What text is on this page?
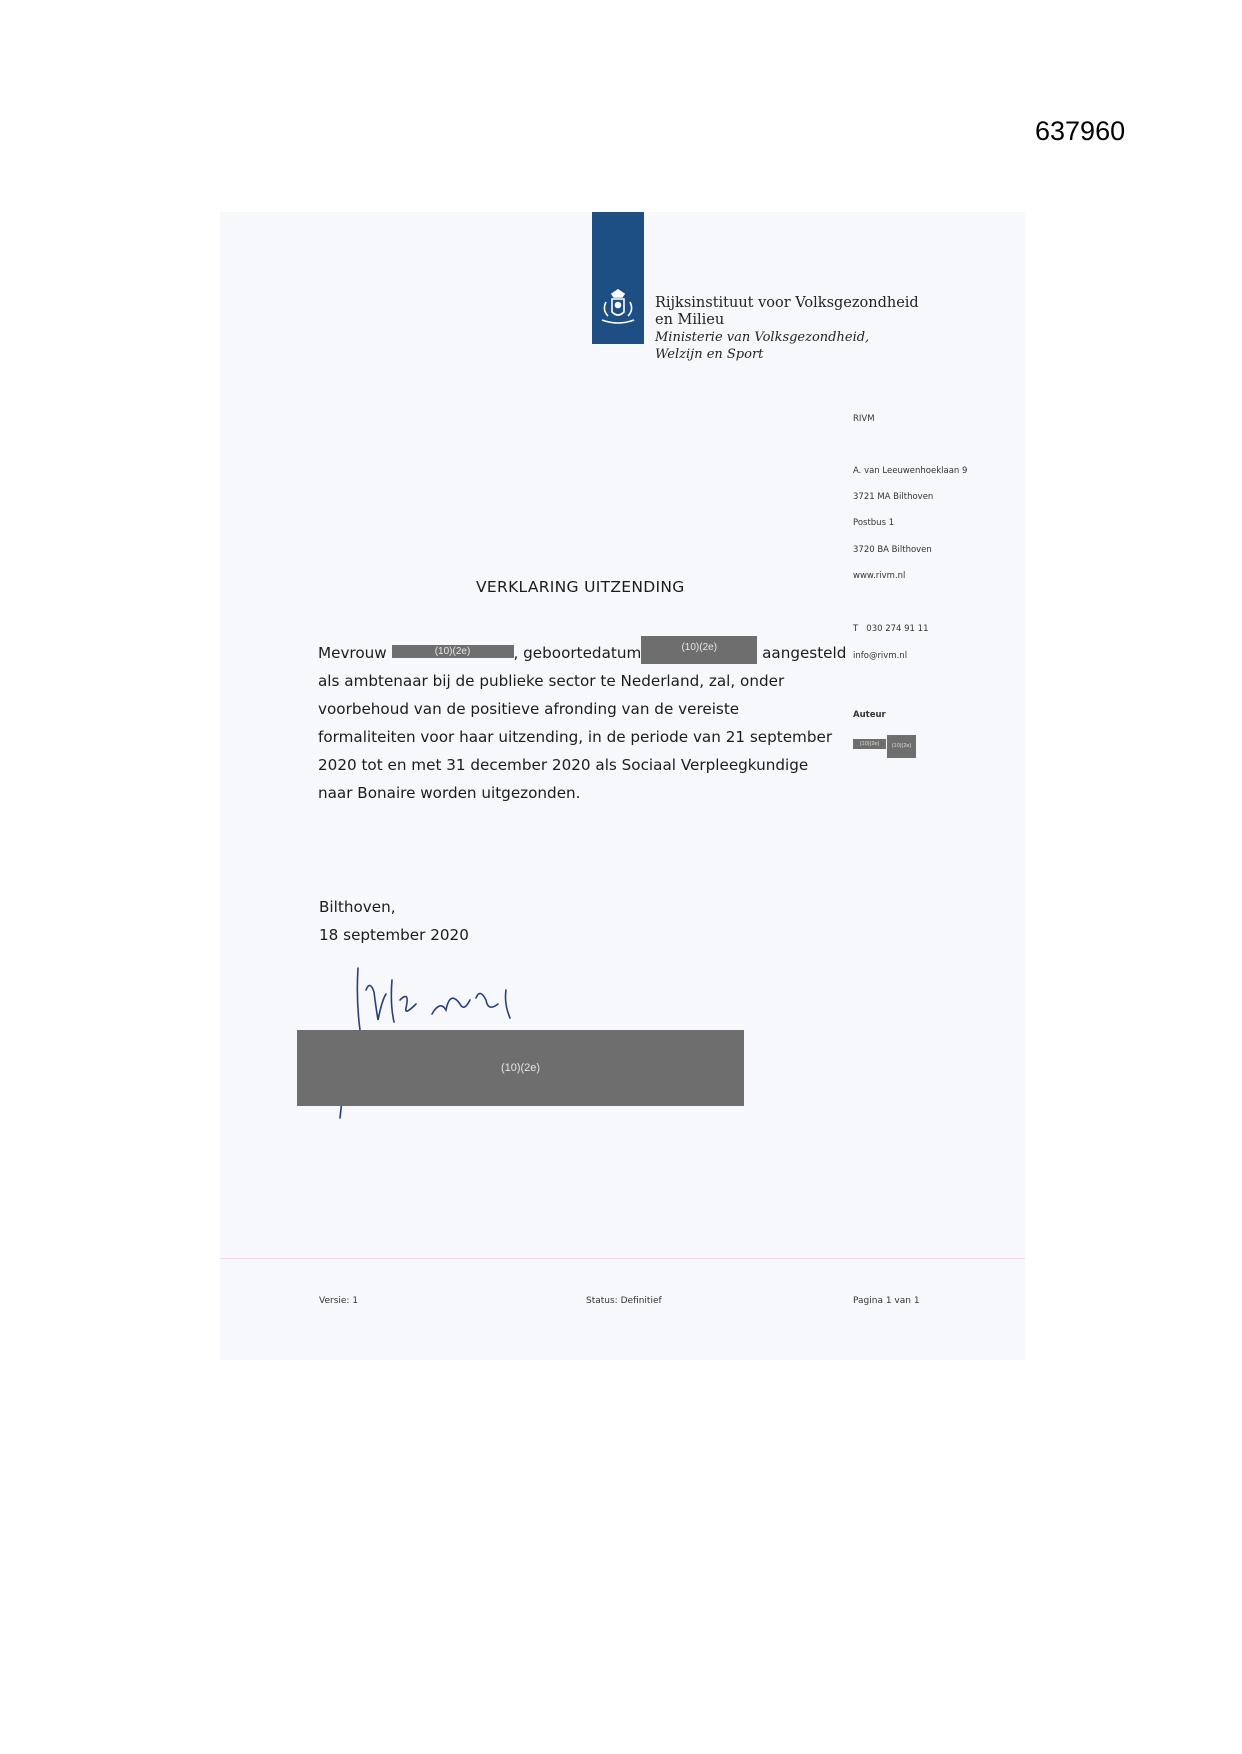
637960
Rijksinstituut voor Volksgezondheid
en Milieu
Ministerie van Volksgezondheid,
Welzijn en Sport
RIVM
A. van Leeuwenhoeklaan 9
3721 MA Bilthoven
Postbus 1
3720 BA Bilthoven
www.rivm.nl
T   030 274 91 11
info@rivm.nl
Auteur
(10)(2e)	(10)(2e)
VERKLARING UITZENDING
Mevrouw	(10)(2e)	, geboortedatum	(10)(2e)	aangesteld
als ambtenaar bij de publieke sector te Nederland, zal, onder
voorbehoud van de positieve afronding van de vereiste
formaliteiten voor haar uitzending, in de periode van 21 september
2020 tot en met 31 december 2020 als Sociaal Verpleegkundige
naar Bonaire worden uitgezonden.
Bilthoven,
18 september 2020
(10)(2e)
Versie: 1	Status: Definitief	Pagina 1 van 1
